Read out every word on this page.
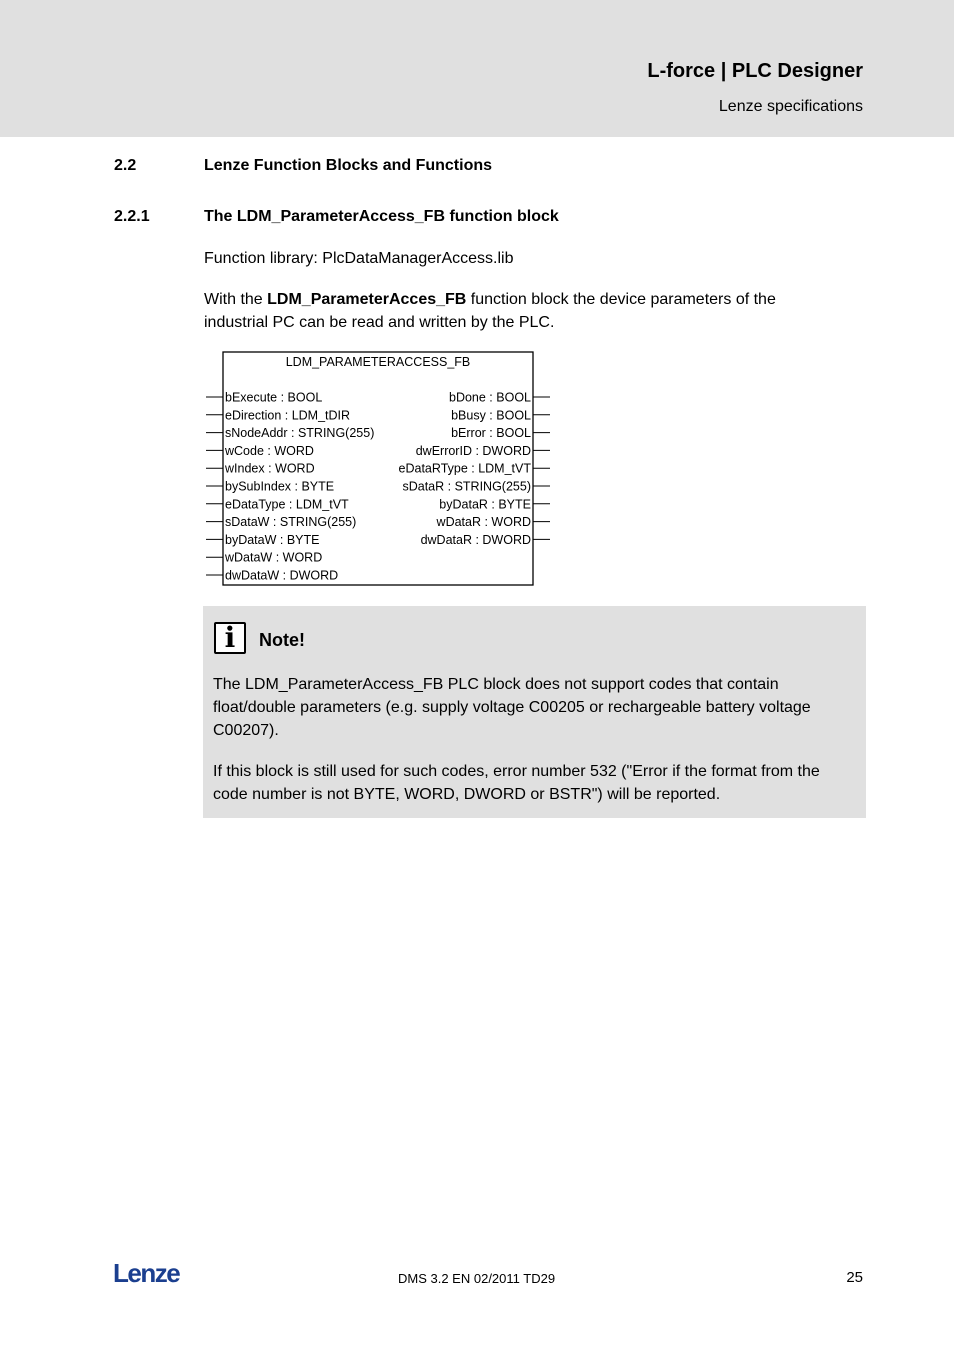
L-force | PLC Designer
Lenze specifications
2.2	Lenze Function Blocks and Functions
2.2.1	The LDM_ParameterAccess_FB function block
Function library: PlcDataManagerAccess.lib
With the LDM_ParameterAcces_FB function block the device parameters of the industrial PC can be read and written by the PLC.
LDM_PARAMETERACCESS_FB
bExecute : BOOL
eDirection : LDM_tDIR
sNodeAddr : STRING(255)
wCode : WORD
wIndex : WORD
bySubIndex : BYTE
eDataType : LDM_tVT
sDataW : STRING(255)
byDataW : BYTE
wDataW : WORD
dwDataW : DWORD
bDone : BOOL
bBusy : BOOL
bError : BOOL
dwErrorID : DWORD
eDataRType : LDM_tVT
sDataR : STRING(255)
byDataR : BYTE
wDataR : WORD
dwDataR : DWORD
i	Note!
The LDM_ParameterAccess_FB PLC block does not support codes that contain float/double parameters (e.g. supply voltage C00205 or rechargeable battery voltage C00207).
If this block is still used for such codes, error number 532 ("Error if the format from the code number is not BYTE, WORD, DWORD or BSTR") will be reported.
Lenze	DMS 3.2 EN 02/2011 TD29	25
